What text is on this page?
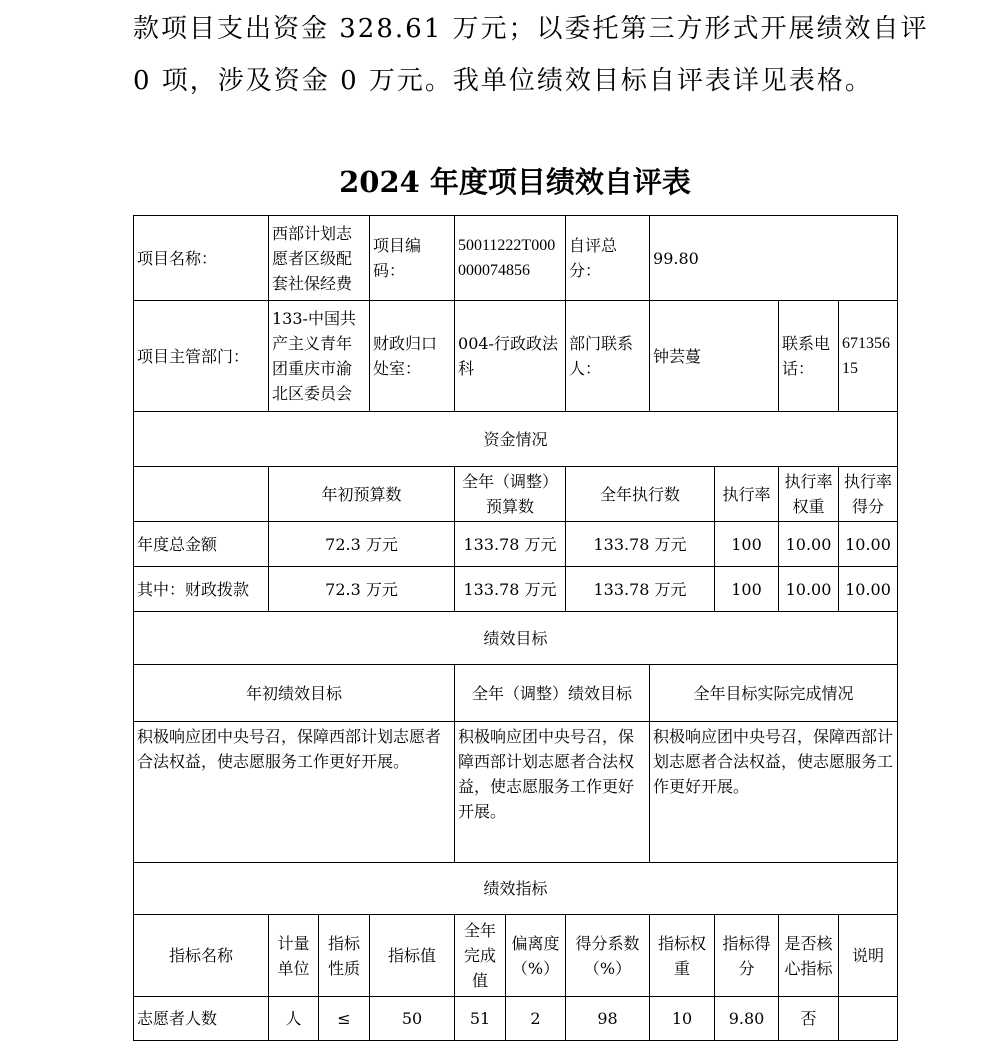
款项目支出资金 328.61 万元；以委托第三方形式开展绩效自评
0 项，涉及资金 0 万元。我单位绩效目标自评表详见表格。
2024 年度项目绩效自评表
项目名称：	西部计划志愿者区级配套社保经费		项目编码：	50011222T000000074856		自评总分：	99.80			
项目主管部门：	133-中国共产主义青年团重庆市渝北区委员会		财政归口处室：	004-行政政法科		部门联系人：	钟芸蔓		联系电话：	67135615
资金情况										
	年初预算数			全年（调整）预算数		全年执行数		执行率	执行率权重	执行率得分
年度总金额	72.3 万元			133.78 万元		133.78 万元		100	10.00	10.00
其中：财政拨款	72.3 万元			133.78 万元		133.78 万元		100	10.00	10.00
绩效目标										
年初绩效目标				全年（调整）绩效目标			全年目标实际完成情况			
积极响应团中央号召，保障西部计划志愿者合法权益，使志愿服务工作更好开展。				积极响应团中央号召，保障西部计划志愿者合法权益，使志愿服务工作更好开展。			积极响应团中央号召，保障西部计划志愿者合法权益，使志愿服务工作更好开展。			
绩效指标										
指标名称	计量单位	指标性质	指标值	全年完成值	偏离度（%）	得分系数（%）	指标权重	指标得分	是否核心指标	说明
志愿者人数	人	≤	50	51	2	98	10	9.80	否	
